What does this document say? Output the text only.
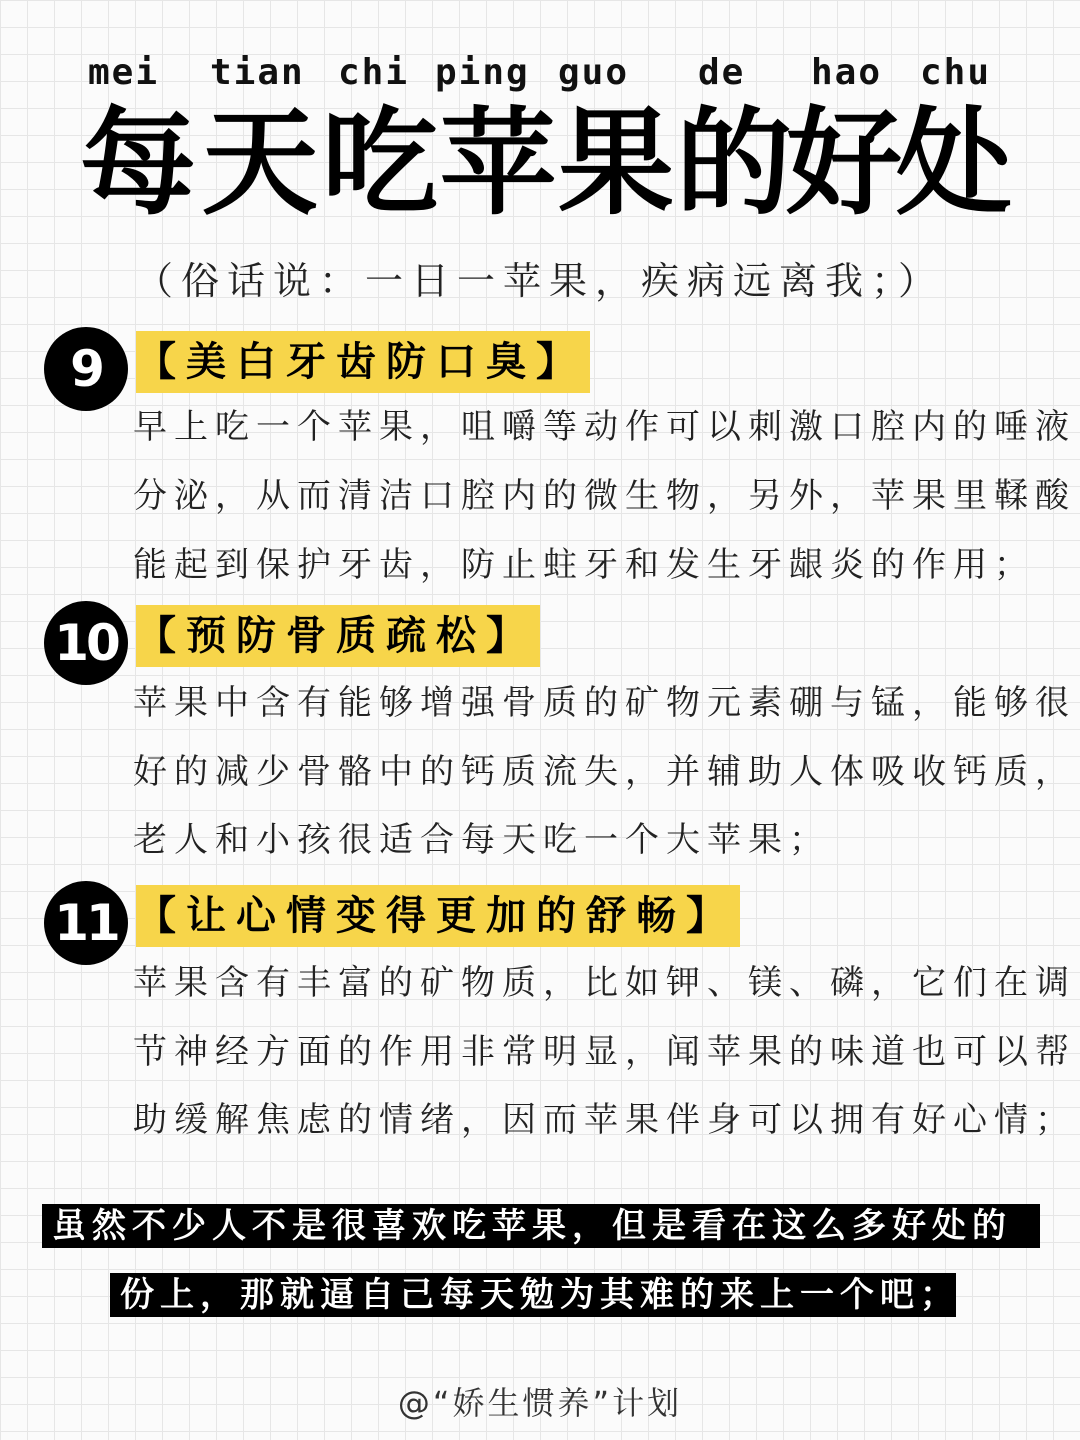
mei tian chi ping guo de hao chu
每 天 吃 苹 果 的
好
处
（俗话说：一日一苹果，疾病远离我；）
9 【美白牙齿防口臭】
早上吃一个苹果，咀嚼等动作可以刺激口腔内的唾液
分泌，从而清洁口腔内的微生物，另外，苹果里鞣酸
能起到保护牙齿，防止蛀牙和发生牙龈炎的作用；
10 【预防骨质疏松】
苹果中含有能够增强骨质的矿物元素硼与锰，能够很
好的减少骨骼中的钙质流失，并辅助人体吸收钙质，
老人和小孩很适合每天吃一个大苹果；
11 【让心情变得更加的舒畅】
苹果含有丰富的矿物质，比如钾、镁、磷，它们在调
节神经方面的作用非常明显，闻苹果的味道也可以帮
助缓解焦虑的情绪，因而苹果伴身可以拥有好心情；
虽然不少人不是很喜欢吃苹果，但是看在这么多好处的
份上，那就逼自己每天勉为其难的来上一个吧；
@“娇生惯养”计划
